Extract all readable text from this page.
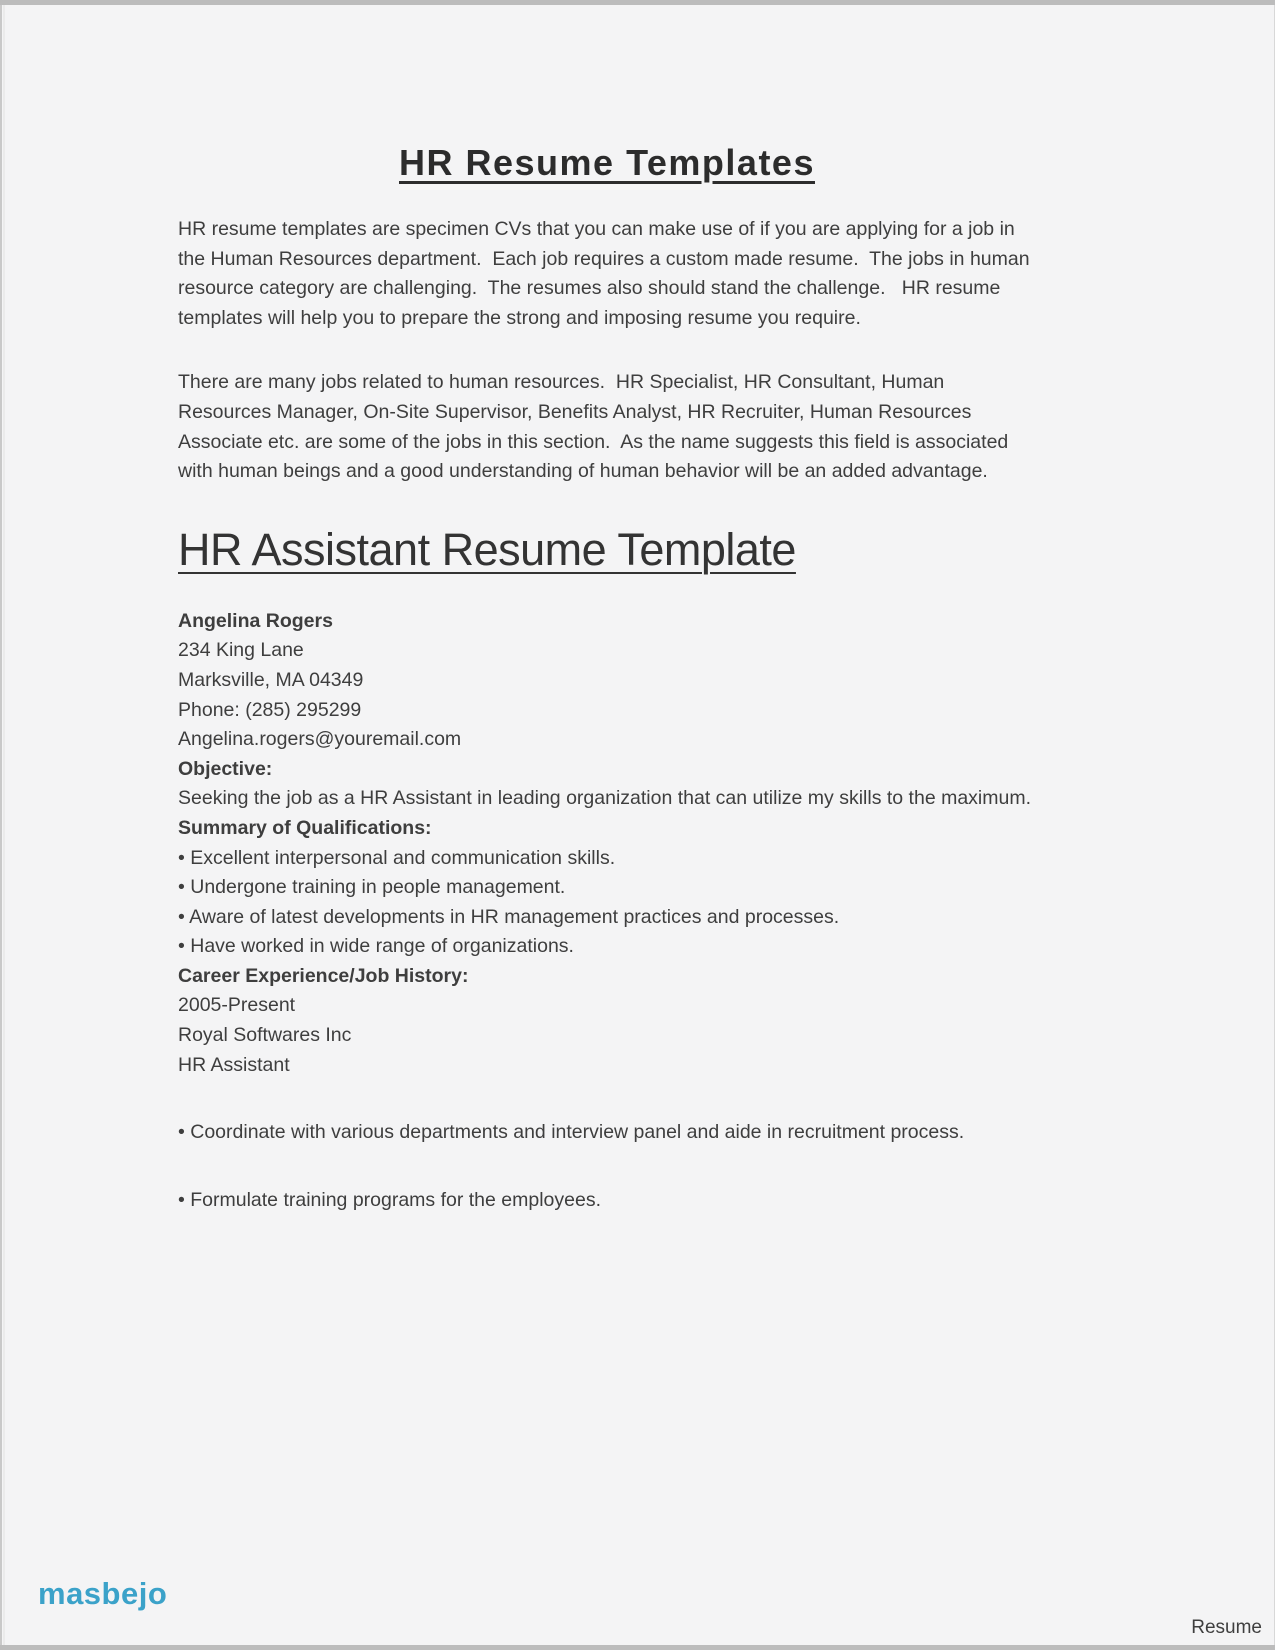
HR Resume Templates

HR resume templates are specimen CVs that you can make use of if you are applying for a job in the Human Resources department.  Each job requires a custom made resume.  The jobs in human resource category are challenging.  The resumes also should stand the challenge.   HR resume templates will help you to prepare the strong and imposing resume you require.

There are many jobs related to human resources.  HR Specialist, HR Consultant, Human Resources Manager, On-Site Supervisor, Benefits Analyst, HR Recruiter, Human Resources Associate etc. are some of the jobs in this section.  As the name suggests this field is associated with human beings and a good understanding of human behavior will be an added advantage.

HR Assistant Resume Template
Angelina Rogers
234 King Lane
Marksville, MA 04349
Phone: (285) 295299
Angelina.rogers@youremail.com
Objective:
Seeking the job as a HR Assistant in leading organization that can utilize my skills to the maximum.
Summary of Qualifications:
• Excellent interpersonal and communication skills.
• Undergone training in people management.
• Aware of latest developments in HR management practices and processes.
• Have worked in wide range of organizations.
Career Experience/Job History:
2005-Present
Royal Softwares Inc
HR Assistant
• Coordinate with various departments and interview panel and aide in recruitment process.
• Formulate training programs for the employees.
masbejo
Resume
